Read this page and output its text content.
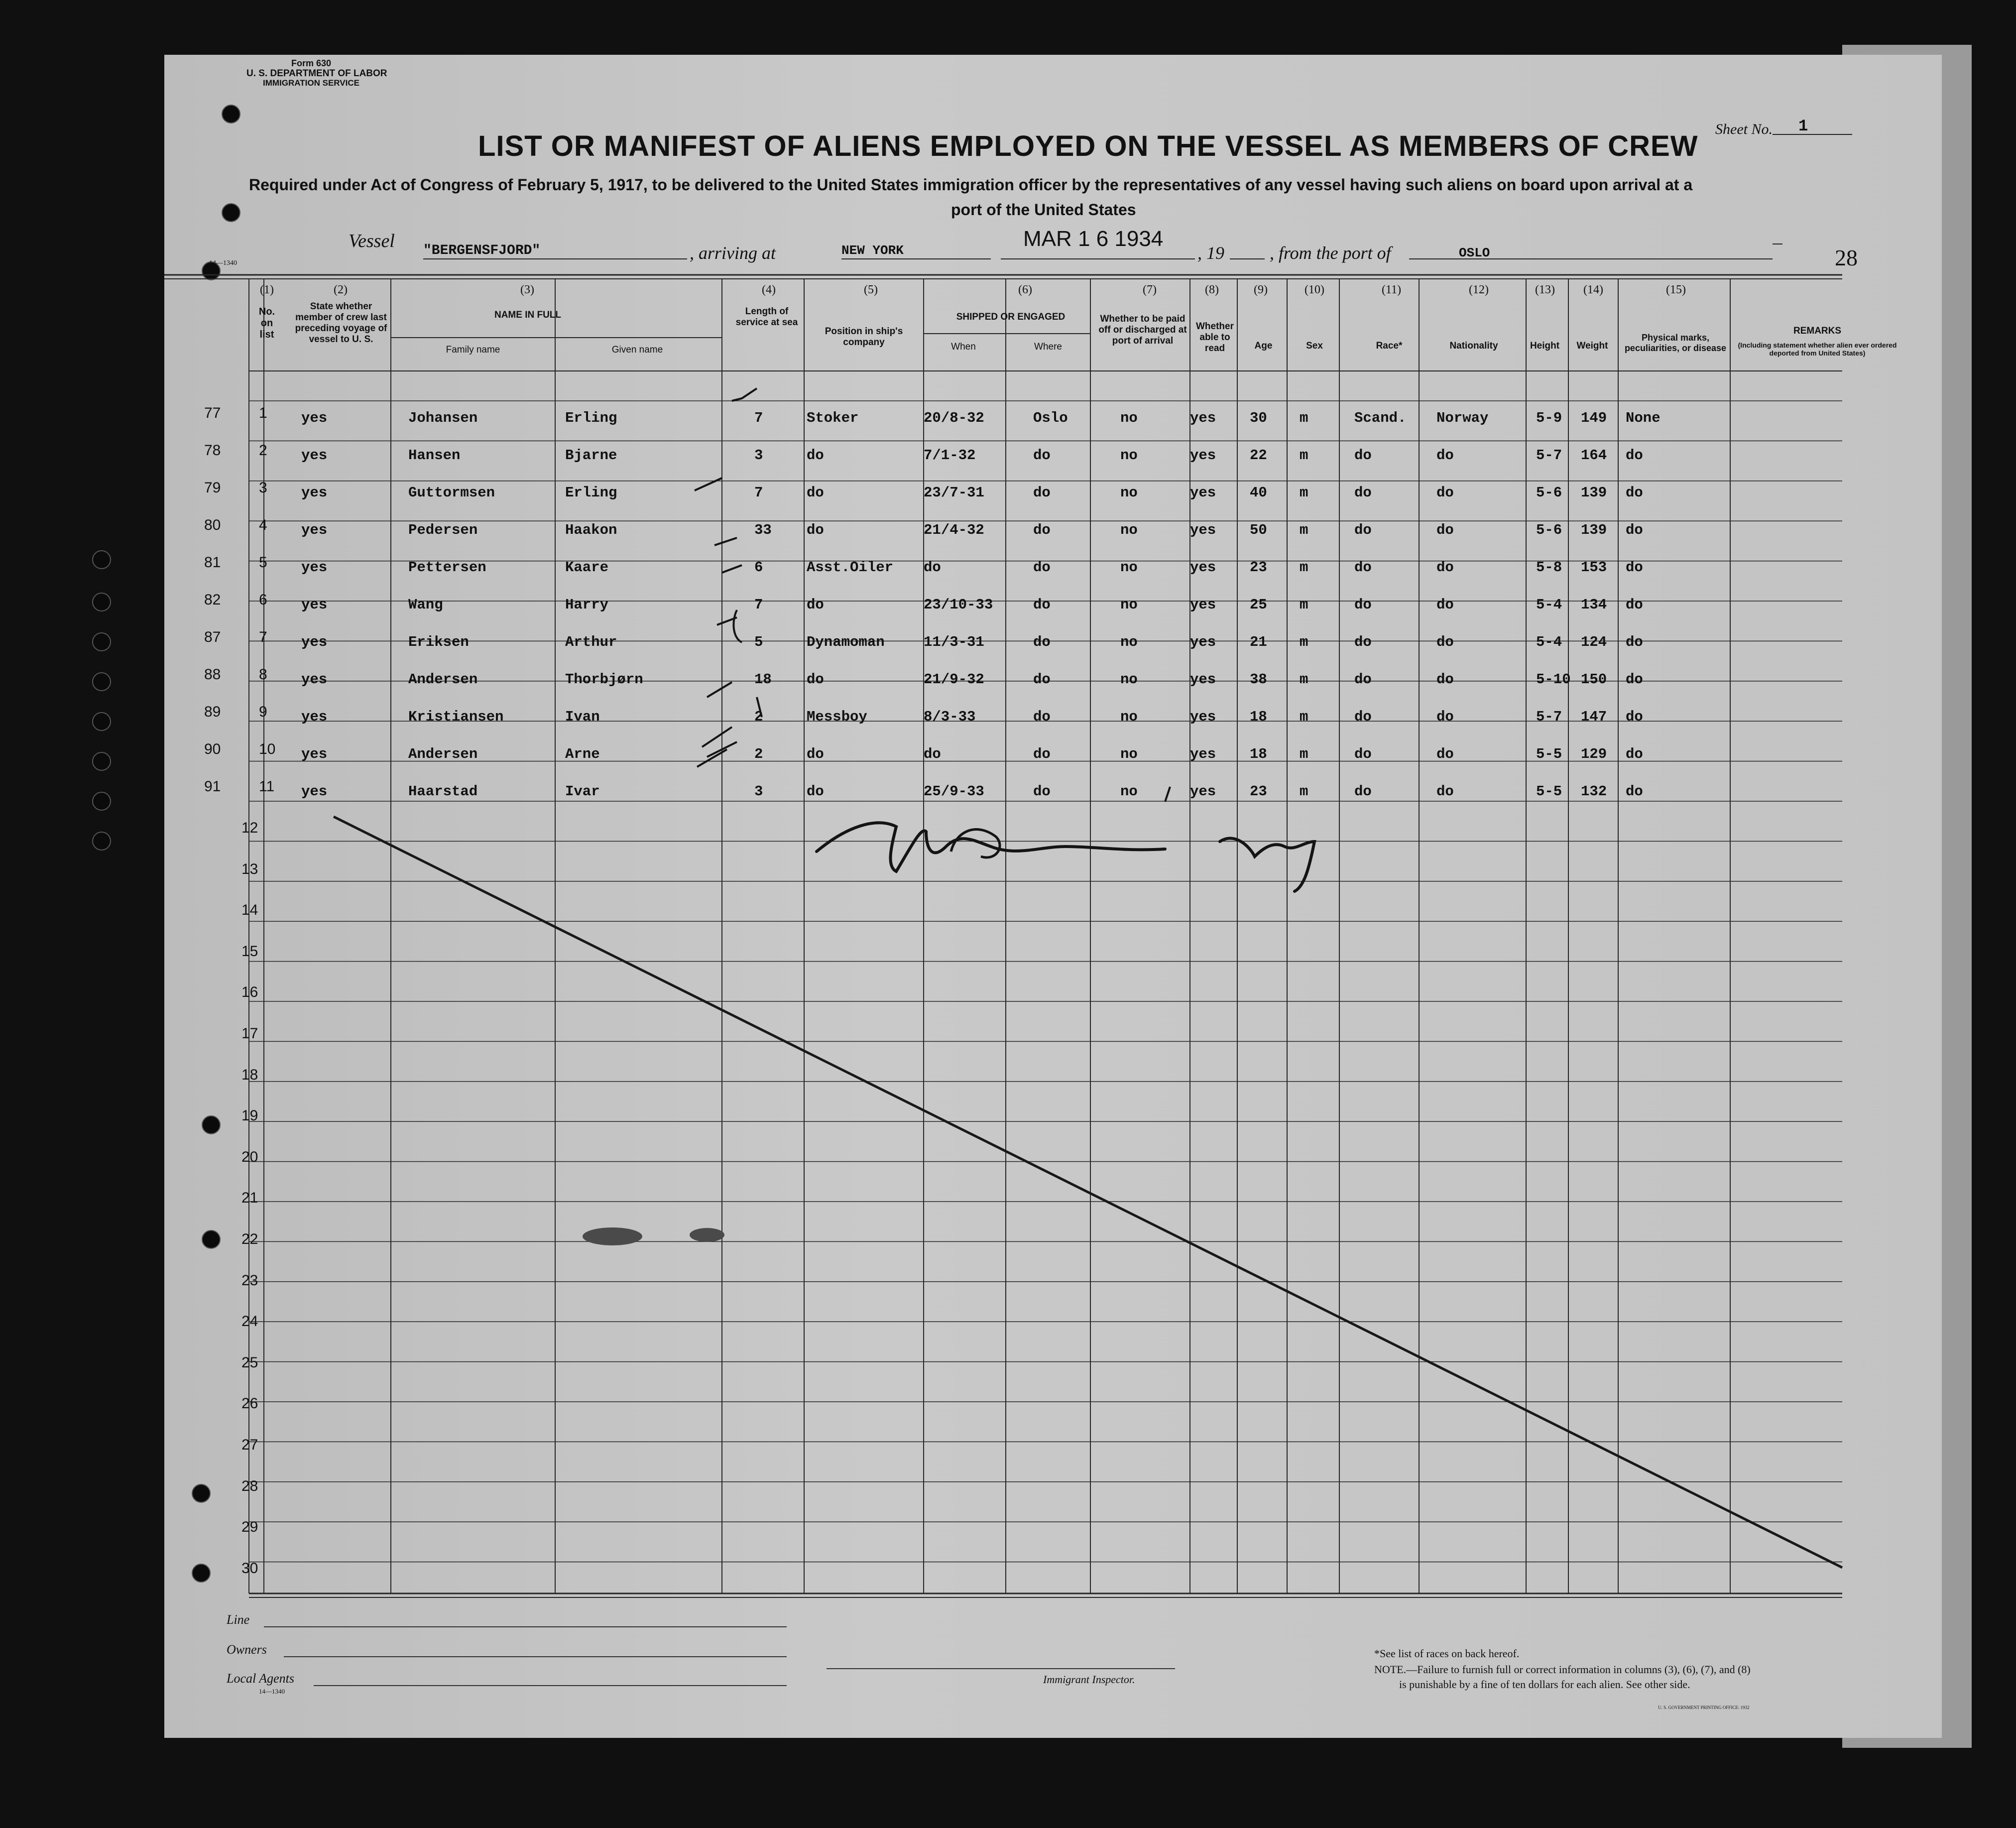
Form 630
U. S. DEPARTMENT OF LABOR
IMMIGRATION SERVICE
LIST OR MANIFEST OF ALIENS EMPLOYED ON THE VESSEL AS MEMBERS OF CREW
Sheet No. 1
Required under Act of Congress of February 5, 1917, to be delivered to the United States immigration officer by the representatives of any vessel having such aliens on board upon arrival at a
port of the United States
Vessel "BERGENSFJORD"	, arriving at	NEW YORK	MAR 1 6 1934
, 19	, from the port of	OSLO	28
14—1340
(1)
No. on list
(2)
State whether member of crew last preceding voyage of vessel to U. S.
(3)
NAME IN FULL
Family name	Given name
(4)
Length of service at sea
(5)
Position in ship's company
(6)
SHIPPED OR ENGAGED
When	Where
(7)
Whether to be paid off or discharged at port of arrival
(8)
Whether able to read
(9)
Age
(10)
Sex
(11)
Race*
(12)
Nationality
(13)
Height
(14)
Weight
(15)
Physical marks, peculiarities, or disease
REMARKS
(Including statement whether alien ever ordered deported from United States)
77	1 yes	Johansen	Erling	7	Stoker	20/8-32	Oslo	no	yes 30 m	Scand. Norway	5-9 149 None
78	2 yes	Hansen	Bjarne	3	do	7/1-32	do	no	yes 22 m	do	do	5-7 164 do
79	3 yes	Guttormsen	Erling	7	do	23/7-31	do	no	yes 40 m	do	do	5-6 139 do
80	4 yes	Pedersen	Haakon	33 do	21/4-32	do	no	yes 50 m	do	do	5-6 139 do
81	5 yes	Pettersen	Kaare	6	Asst.Oiler do	do	no	yes 23 m	do	do	5-8 153 do
82	6 yes	Wang	Harry	7	do	23/10-33	do	no	yes 25 m	do	do	5-4 134 do
87	7 yes	Eriksen	Arthur	5	Dynamoman	11/3-31	do	no	yes 21 m	do	do	5-4 124 do
88	8 yes	Andersen	Thorbjørn	18 do	21/9-32	do	no	yes 38 m	do	do	5-10 150 do
89	9 yes	Kristiansen	Ivan	2	Messboy	8/3-33	do	no	yes 18 m	do	do	5-7 147 do
90	10 yes	Andersen	Arne	2	do	do	do	no	yes 18 m	do	do	5-5 129 do
91	11 yes	Haarstad	Ivar	3	do	25/9-33	do	no	yes 23 m	do	do	5-5 132 do
12
13
14
15
16
17
18
19
20
21
22
23
24
25
26
27
28
29
30
Line
Owners
Local Agents
14—1340
Immigrant Inspector.
*See list of races on back hereof.
NOTE.—Failure to furnish full or correct information in columns (3), (6), (7), and (8)
is punishable by a fine of ten dollars for each alien. See other side.
U. S. GOVERNMENT PRINTING OFFICE: 1932
